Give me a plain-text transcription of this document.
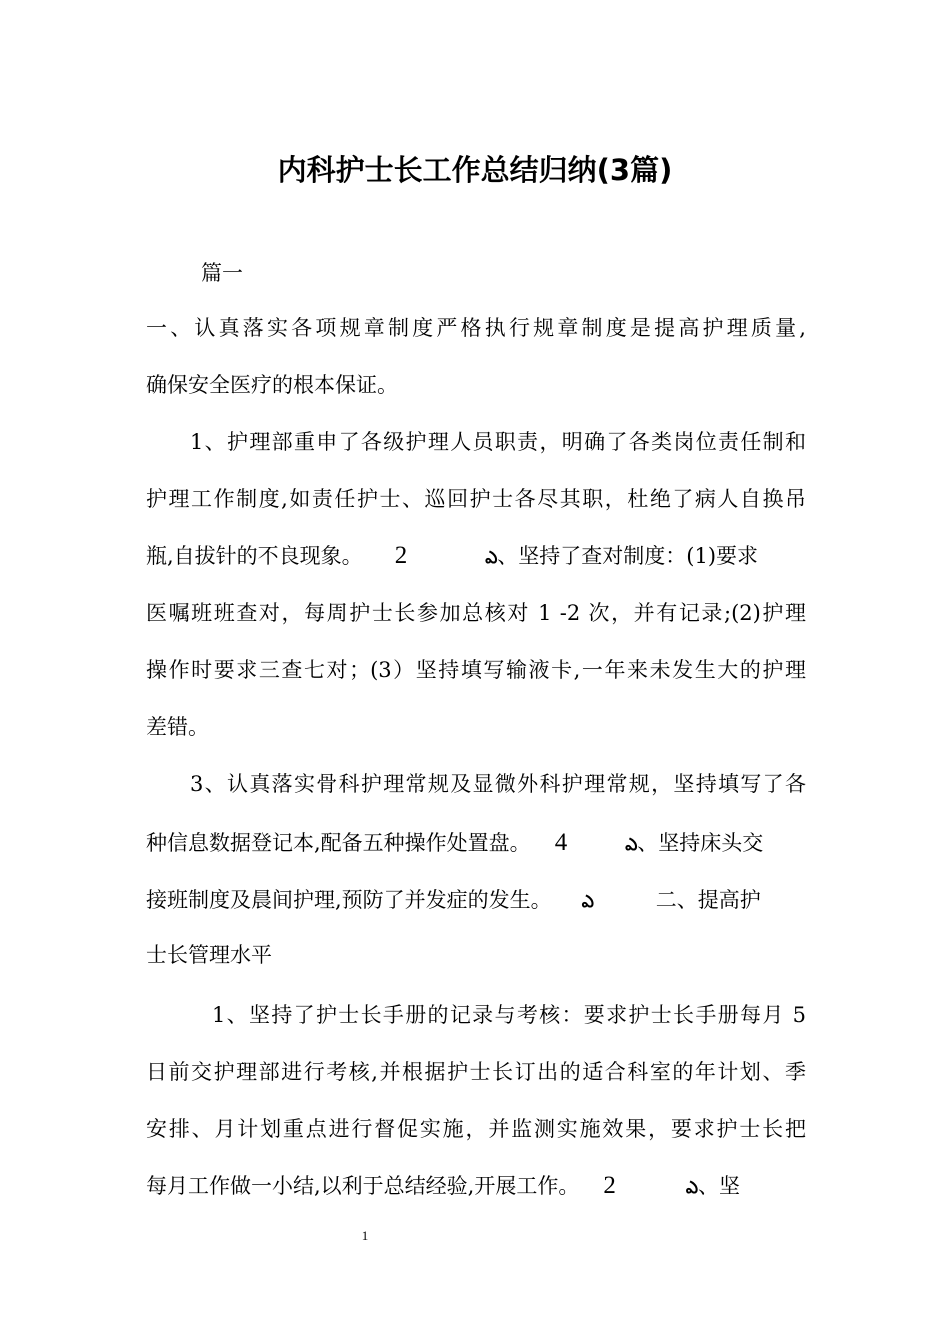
内科护士长工作总结归纳(3篇)
篇一
一、认真落实各项规章制度严格执行规章制度是提高护理质量,
确保安全医疗的根本保证。
1、护理部重申了各级护理人员职责，明确了各类岗位责任制和
护理工作制度,如责任护士、巡回护士各尽其职，杜绝了病人自换吊
瓶,自拔针的不良现象。 2	ఎ、坚持了查对制度：(1)要求
医嘱班班查对，每周护士长参加总核对 1 -2 次，并有记录;(2)护理
操作时要求三查七对；(3）坚持填写输液卡,一年来未发生大的护理
差错。
3、认真落实骨科护理常规及显微外科护理常规，坚持填写了各
种信息数据登记本,配备五种操作处置盘。 4	ఎ、坚持床头交
接班制度及晨间护理,预防了并发症的发生。 ఎ	二、提高护
士长管理水平
1、坚持了护士长手册的记录与考核：要求护士长手册每月 5
日前交护理部进行考核,并根据护士长订出的适合科室的年计划、季
安排、月计划重点进行督促实施，并监测实施效果，要求护士长把
每月工作做一小结,以利于总结经验,开展工作。 2	ఎ、坚
1
